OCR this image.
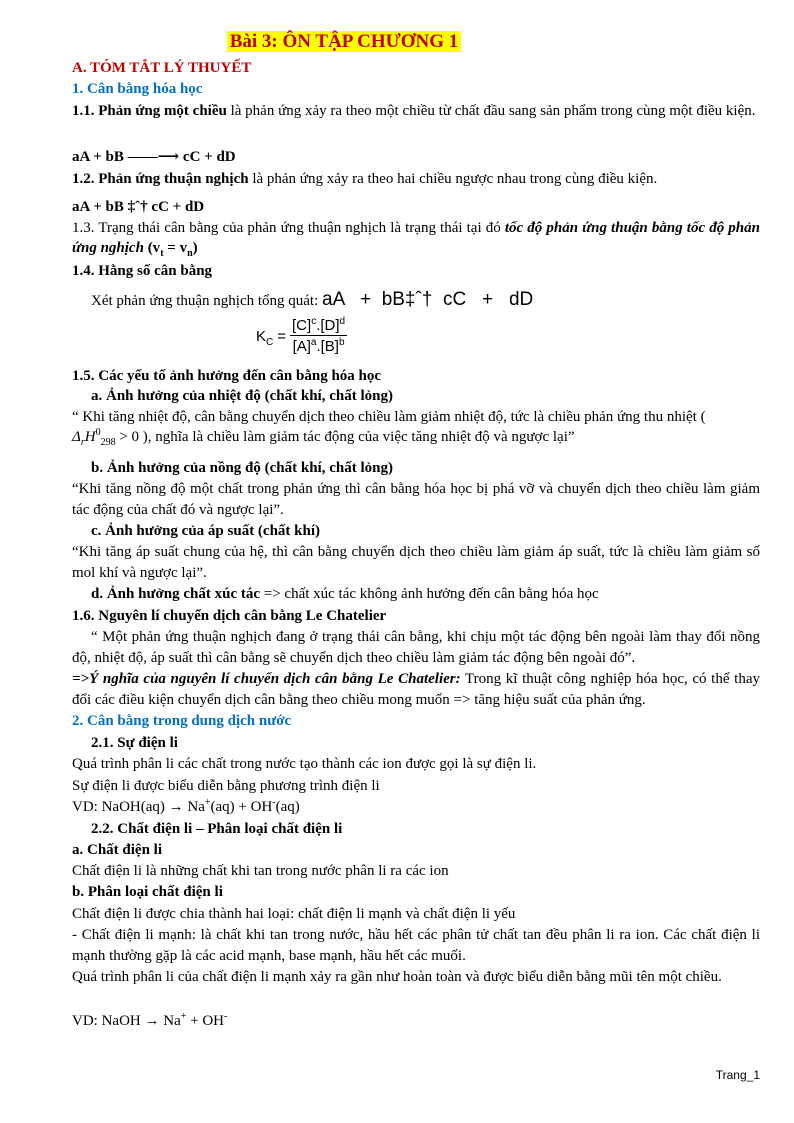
Bài 3: ÔN TẬP CHƯƠNG 1
A. TÓM TẮT LÝ THUYẾT
1. Cân bằng hóa học
1.1. Phản ứng một chiều là phản ứng xảy ra theo một chiều từ chất đầu sang sản phẩm trong cùng một điều kiện.
aA + bB ——⟶ cC + dD
1.2. Phản ứng thuận nghịch là phản ứng xảy ra theo hai chiều ngược nhau trong cùng điều kiện.
aA + bB ‡ˆ† cC + dD
1.3. Trạng thái cân bằng của phản ứng thuận nghịch là trạng thái tại đó tốc độ phản ứng thuận bằng tốc độ phản ứng nghịch $(v_t = v_n)$
1.4. Hằng số cân bằng
Xét phản ứng thuận nghịch tổng quát: aA   +  bB‡ˆ†  cC   +   dD
$K_C$	=	$[C]^c.[D]^d$
$[A]^a.[B]^b$
1.5. Các yếu tố ảnh hưởng đến cân bằng hóa học
a. Ảnh hưởng của nhiệt độ (chất khí, chất lỏng)
“ Khi tăng nhiệt độ, cân bằng chuyển dịch theo chiều làm giảm nhiệt độ, tức là chiều phản ứng thu nhiệt (
$\Delta_rH^0_{298} > 0$ ), nghĩa là chiều làm giảm tác động của việc tăng nhiệt độ và ngược lại”
b. Ảnh hưởng của nồng độ (chất khí, chất lỏng)
“Khi tăng nồng độ một chất trong phản ứng thì cân bằng hóa học bị phá vỡ và chuyển dịch theo chiều làm giảm tác động của chất đó và ngược lại”.
c. Ảnh hưởng của áp suất (chất khí)
“Khi tăng áp suất chung của hệ, thì cân bằng chuyển dịch theo chiều làm giảm áp suất, tức là chiều làm giảm số mol khí và ngược lại”.
d. Ảnh hưởng chất xúc tác => chất xúc tác không ảnh hưởng đến cân bằng hóa học
1.6. Nguyên lí chuyển dịch cân bằng Le Chatelier
“ Một phản ứng thuận nghịch đang ở trạng thái cân bằng, khi chịu một tác động bên ngoài làm thay đổi nồng độ, nhiệt độ, áp suất thì cân bằng sẽ chuyển dịch theo chiều làm giảm tác động bên ngoài đó”.
=>Ý nghĩa của nguyên lí chuyển dịch cân bằng Le Chatelier: Trong kĩ thuật công nghiệp hóa học, có thể thay đổi các điều kiện chuyển dịch cân bằng theo chiều mong muốn => tăng hiệu suất của phản ứng.
2. Cân bằng trong dung dịch nước
2.1. Sự điện li
Quá trình phân li các chất trong nước tạo thành các ion được gọi là sự điện li.
Sự điện li được biểu diễn bằng phương trình điện li
VD: NaOH(aq) → Na+(aq) + OH-(aq)
2.2. Chất điện li – Phân loại chất điện li
a. Chất điện li
Chất điện li là những chất khi tan trong nước phân li ra các ion
b. Phân loại chất điện li
Chất điện li được chia thành hai loại: chất điện li mạnh và chất điện li yếu
- Chất điện li mạnh: là chất khi tan trong nước, hầu hết các phân tử chất tan đều phân li ra ion. Các chất điện li mạnh thường gặp là các acid mạnh, base mạnh, hầu hết các muối.
Quá trình phân li của chất điện li mạnh xảy ra gần như hoàn toàn và được biểu diễn bằng mũi tên một chiều.
VD: NaOH → Na+ + OH-
Trang_1
